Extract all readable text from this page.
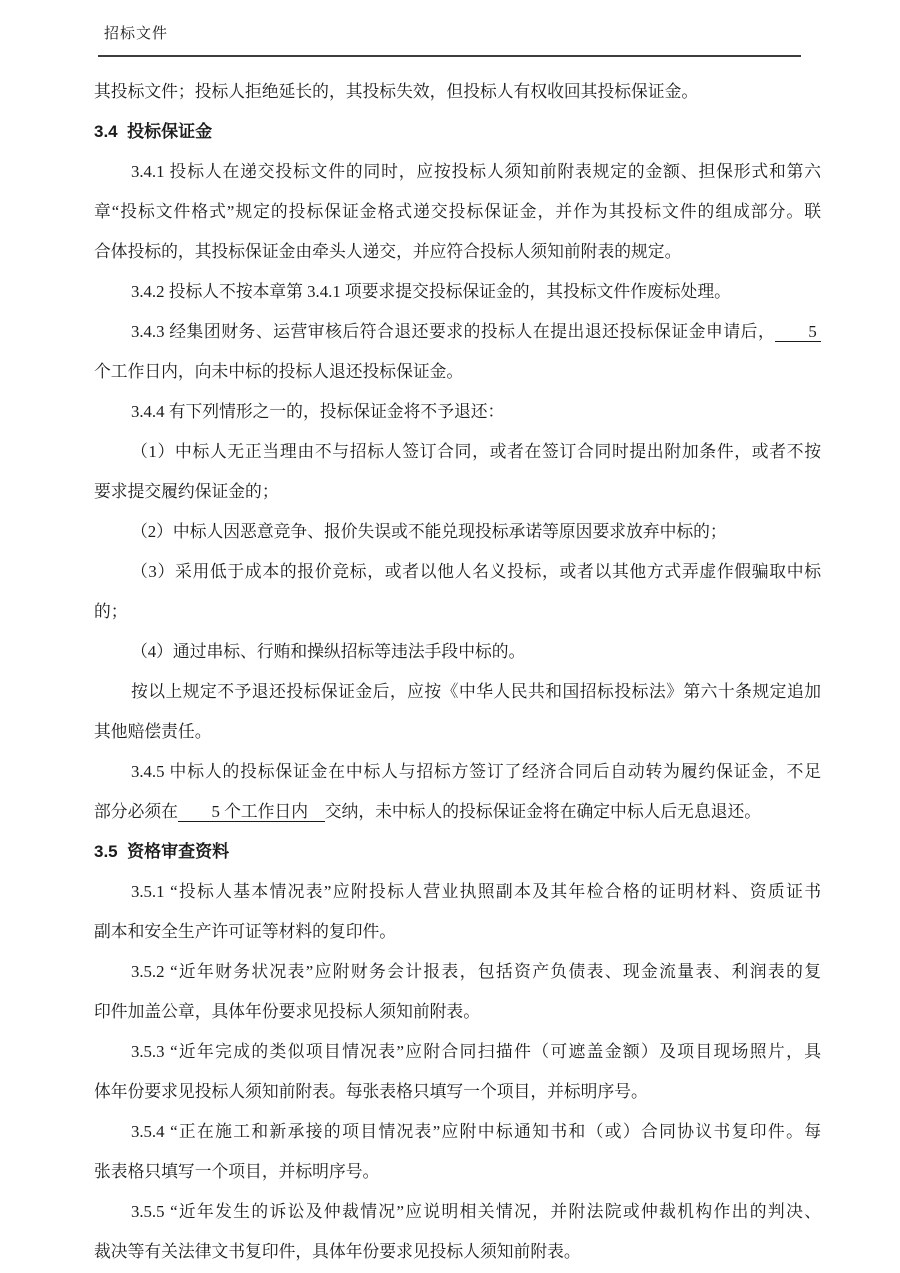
招标文件
其投标文件；投标人拒绝延长的，其投标失效，但投标人有权收回其投标保证金。
3.4  投标保证金
3.4.1 投标人在递交投标文件的同时，应按投标人须知前附表规定的金额、担保形式和第六
章“投标文件格式”规定的投标保证金格式递交投标保证金，并作为其投标文件的组成部分。联
合体投标的，其投标保证金由牵头人递交，并应符合投标人须知前附表的规定。
3.4.2 投标人不按本章第 3.4.1 项要求提交投标保证金的，其投标文件作废标处理。
3.4.3 经集团财务、运营审核后符合退还要求的投标人在提出退还投标保证金申请后，       5
个工作日内，向未中标的投标人退还投标保证金。
3.4.4 有下列情形之一的，投标保证金将不予退还：
（1）中标人无正当理由不与招标人签订合同，或者在签订合同时提出附加条件，或者不按
要求提交履约保证金的；
（2）中标人因恶意竞争、报价失误或不能兑现投标承诺等原因要求放弃中标的；
（3）采用低于成本的报价竞标，或者以他人名义投标，或者以其他方式弄虚作假骗取中标
的；
（4）通过串标、行贿和操纵招标等违法手段中标的。
按以上规定不予退还投标保证金后，应按《中华人民共和国招标投标法》第六十条规定追加
其他赔偿责任。
3.4.5 中标人的投标保证金在中标人与招标方签订了经济合同后自动转为履约保证金，不足
部分必须在        5 个工作日内    交纳，未中标人的投标保证金将在确定中标人后无息退还。
3.5  资格审查资料
3.5.1 “投标人基本情况表”应附投标人营业执照副本及其年检合格的证明材料、资质证书
副本和安全生产许可证等材料的复印件。
3.5.2 “近年财务状况表”应附财务会计报表，包括资产负债表、现金流量表、利润表的复
印件加盖公章，具体年份要求见投标人须知前附表。
3.5.3 “近年完成的类似项目情况表”应附合同扫描件（可遮盖金额）及项目现场照片，具
体年份要求见投标人须知前附表。每张表格只填写一个项目，并标明序号。
3.5.4 “正在施工和新承接的项目情况表”应附中标通知书和（或）合同协议书复印件。每
张表格只填写一个项目，并标明序号。
3.5.5 “近年发生的诉讼及仲裁情况”应说明相关情况，并附法院或仲裁机构作出的判决、
裁决等有关法律文书复印件，具体年份要求见投标人须知前附表。
